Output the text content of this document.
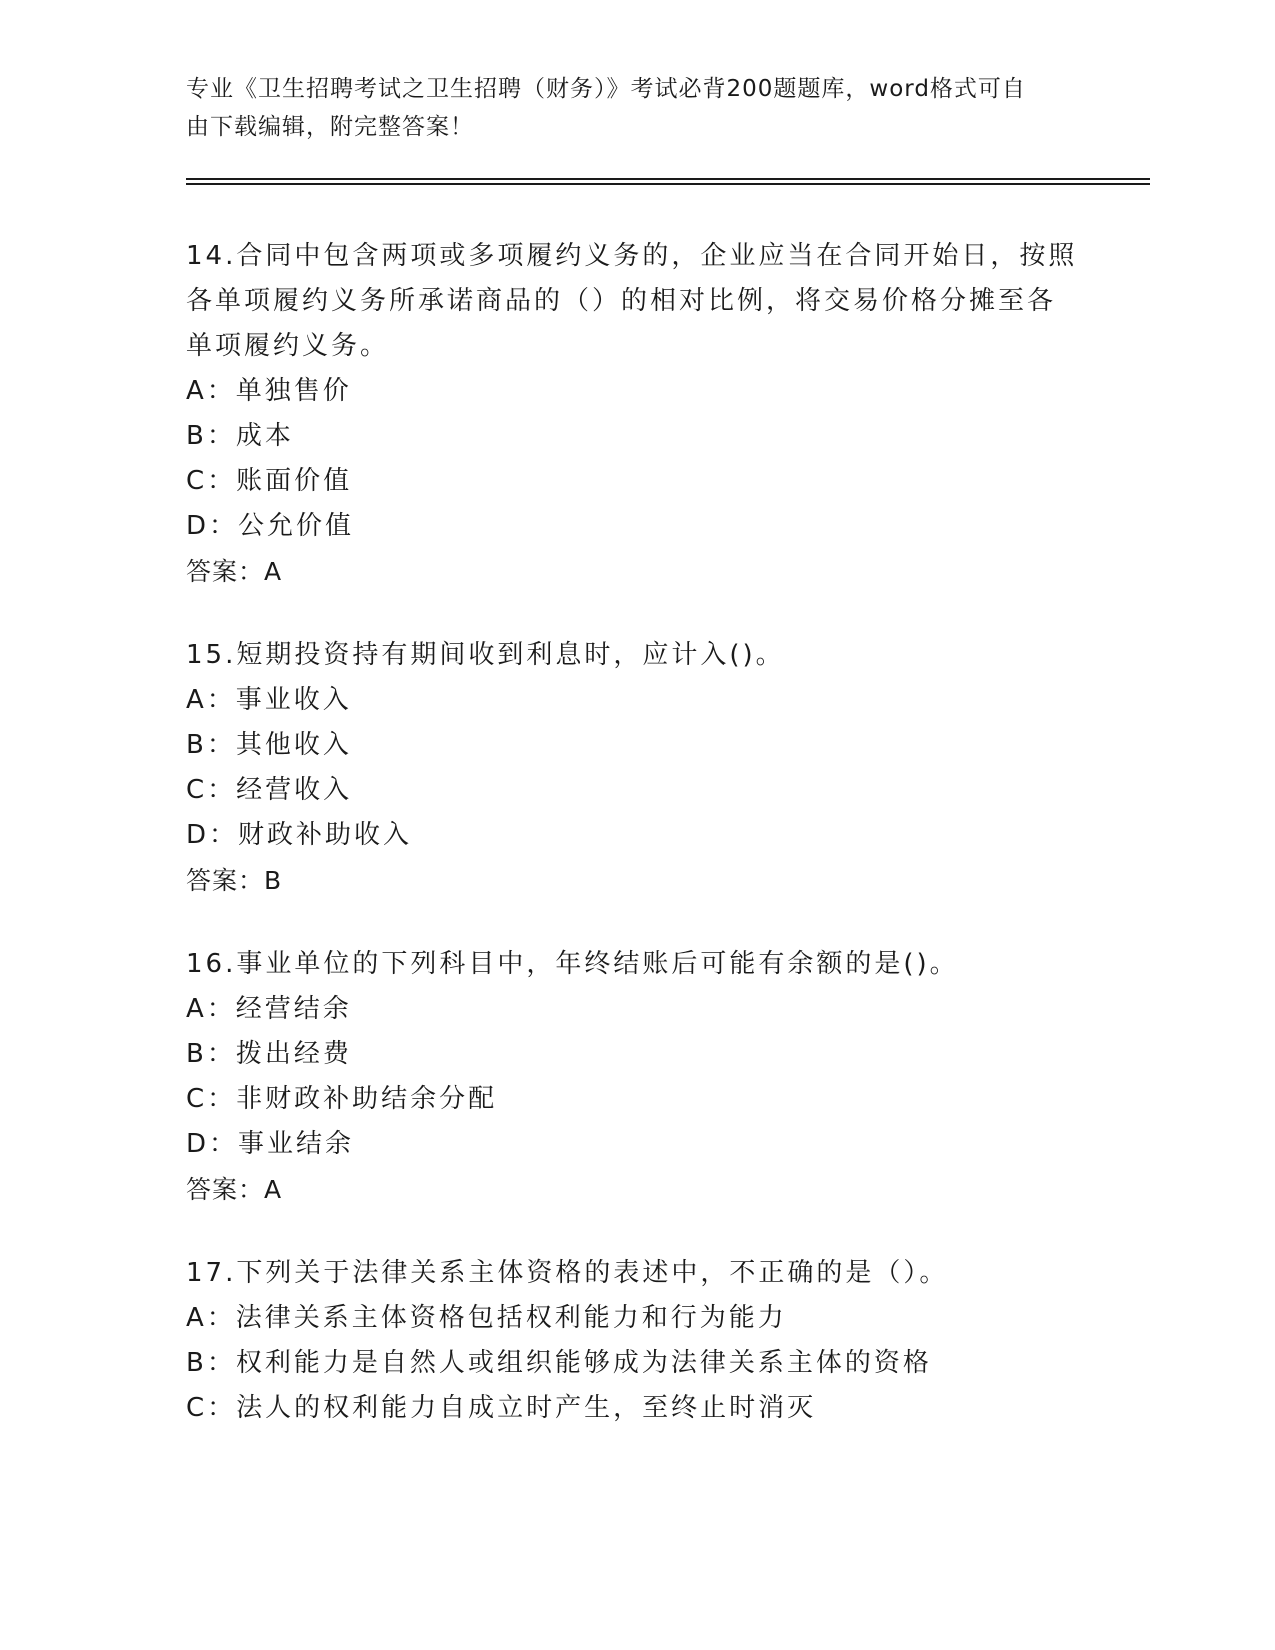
专业《卫生招聘考试之卫生招聘（财务）》考试必背200题题库，word格式可自
由下载编辑，附完整答案！
14.合同中包含两项或多项履约义务的，企业应当在合同开始日，按照
各单项履约义务所承诺商品的（）的相对比例，将交易价格分摊至各
单项履约义务。
A：单独售价
B：成本
C：账面价值
D：公允价值
答案：A
15.短期投资持有期间收到利息时，应计入()。
A：事业收入
B：其他收入
C：经营收入
D：财政补助收入
答案：B
16.事业单位的下列科目中，年终结账后可能有余额的是()。
A：经营结余
B：拨出经费
C：非财政补助结余分配
D：事业结余
答案：A
17.下列关于法律关系主体资格的表述中，不正确的是（）。
A：法律关系主体资格包括权利能力和行为能力
B：权利能力是自然人或组织能够成为法律关系主体的资格
C：法人的权利能力自成立时产生，至终止时消灭
